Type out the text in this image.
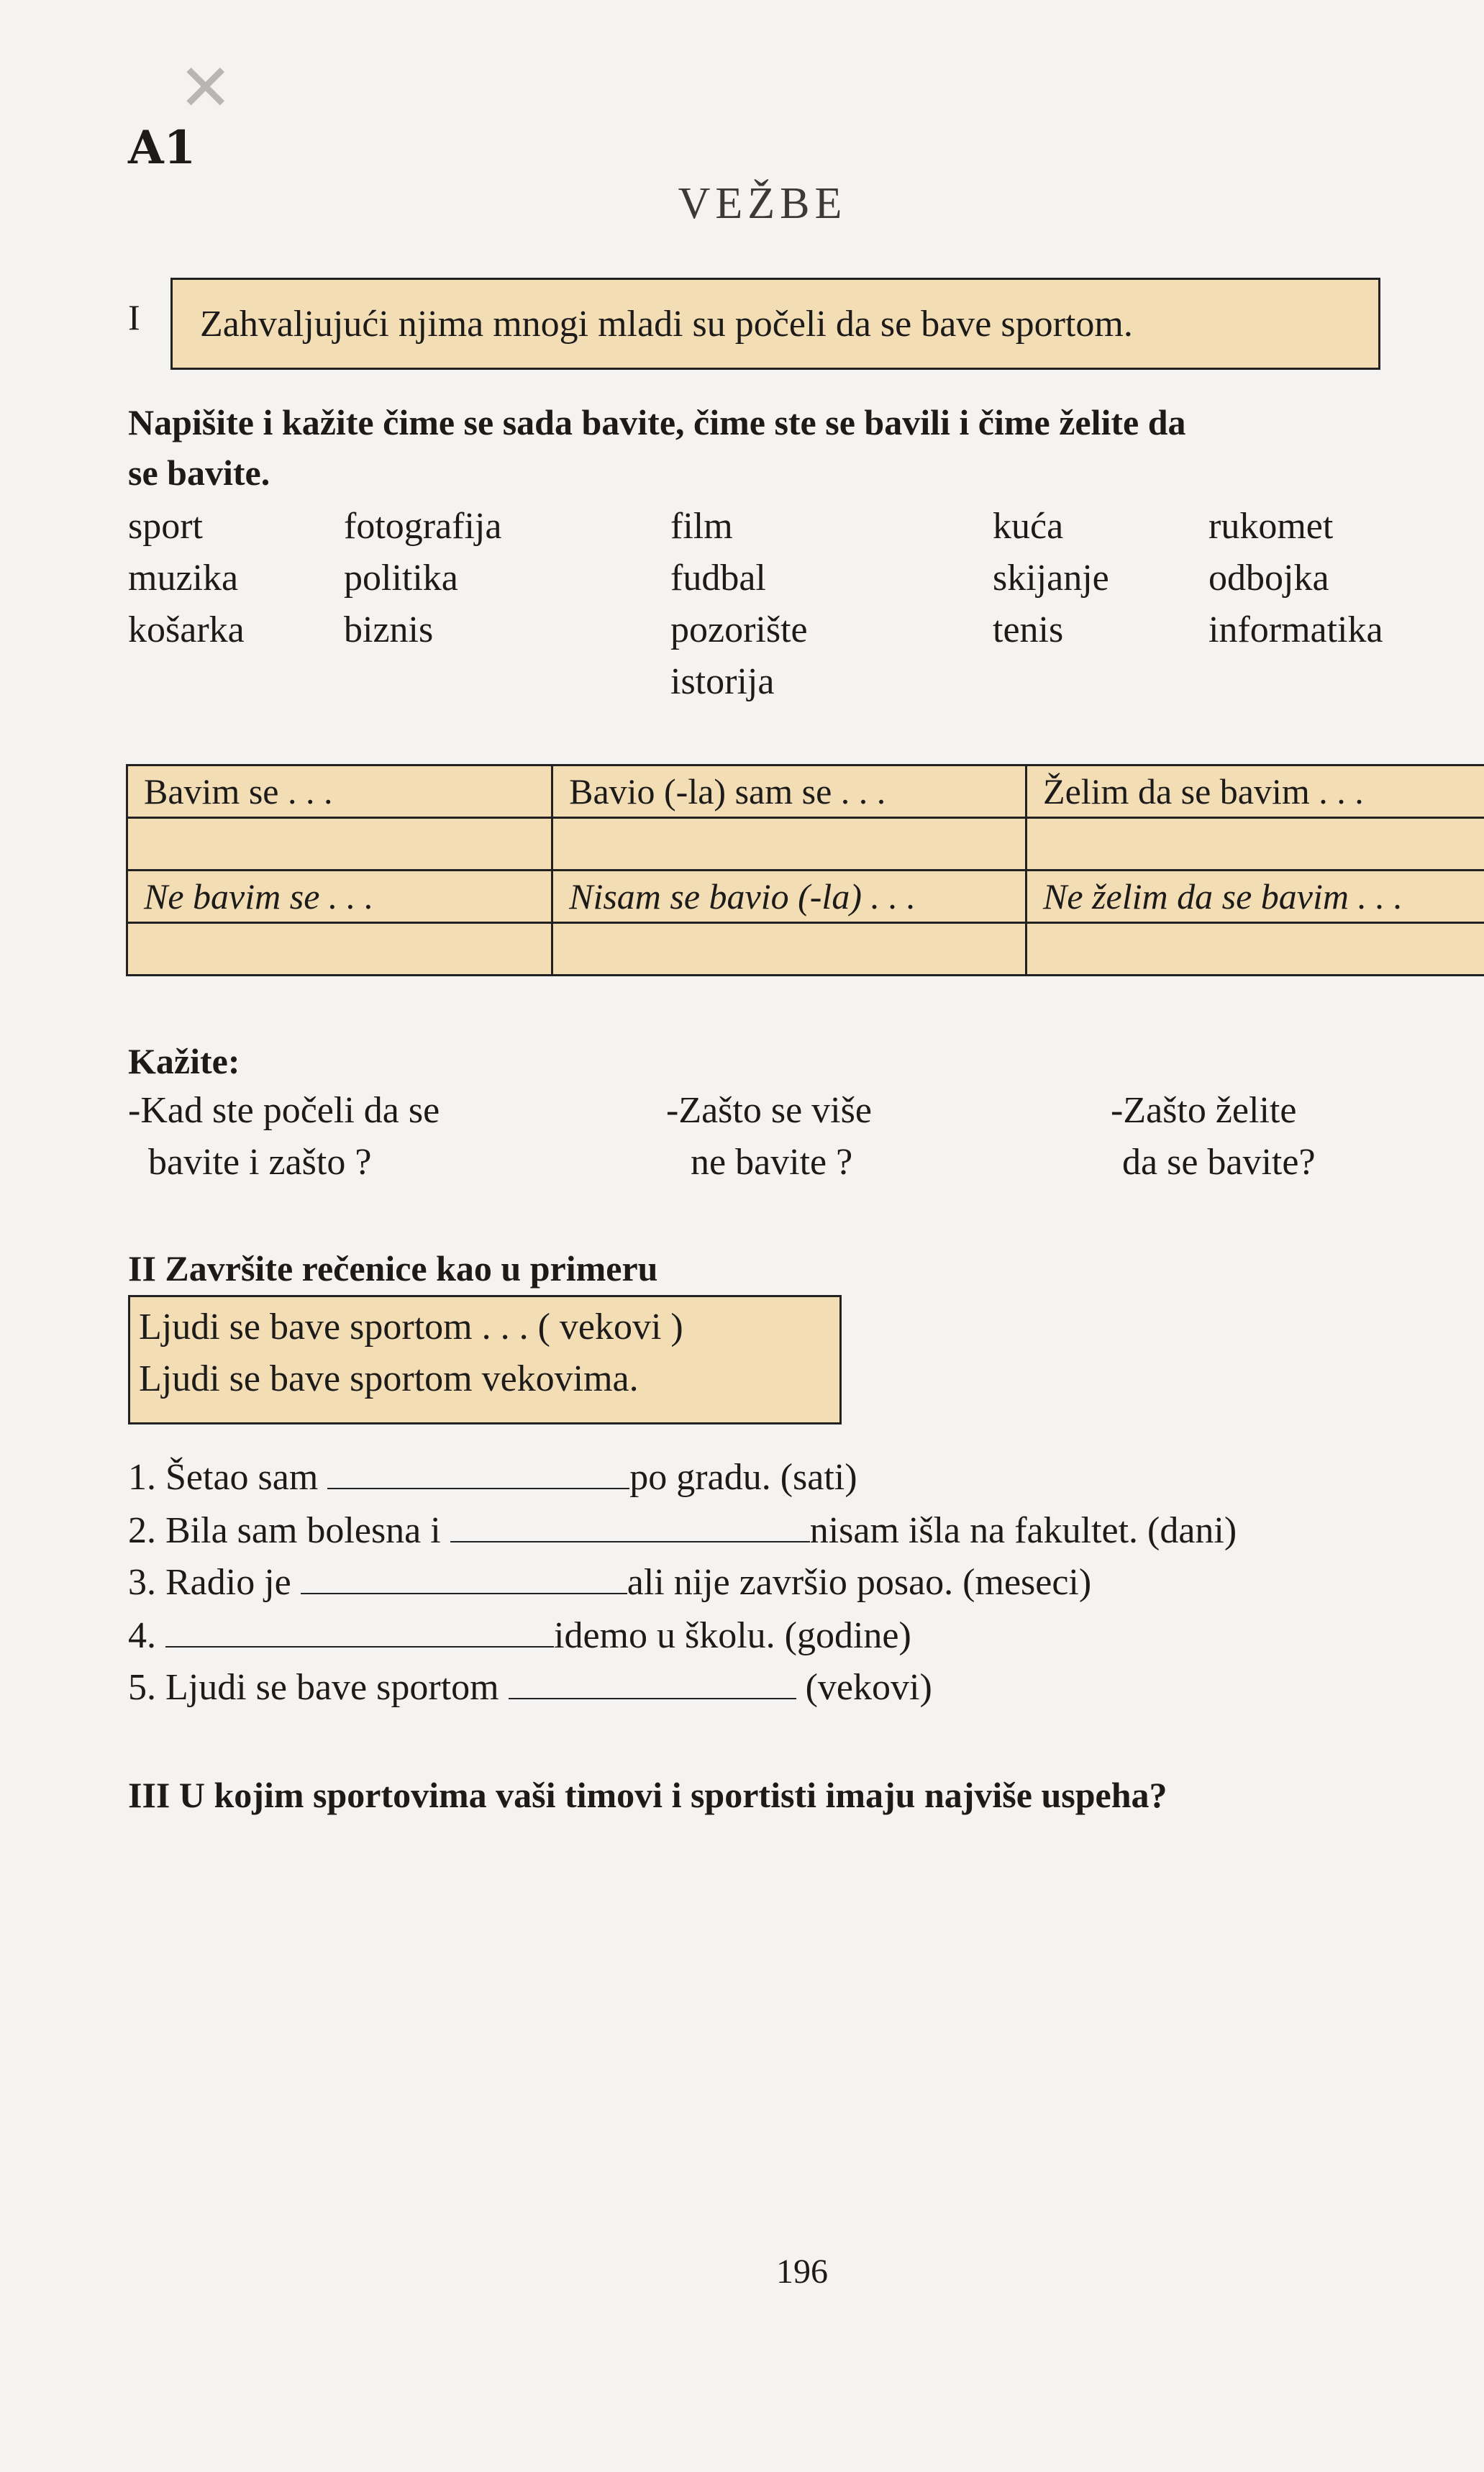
✕
A1
VEŽBE
I Zahvaljujući njima mnogi mladi su počeli da se bave sportom.
Napišite i kažite čime se sada bavite, čime ste se bavili i čime želite da
se bavite.
sport	fotografija	film	kuća	rukomet
muzika	politika	fudbal	skijanje	odbojka
košarka	biznis	pozorište	tenis	informatika
		istorija		
Bavim se . . .	Bavio (-la) sam se . . .	Želim da se bavim . . .

Ne bavim se . . .	Nisam se bavio (-la) . . .	Ne želim da se bavim . . .

Kažite:
-Kad ste počeli da se
bavite i zašto ?
-Zašto se više
ne bavite ?
-Zašto želite
da se bavite?
II Završite rečenice kao u primeru
Ljudi se bave sportom . . . ( vekovi )
Ljudi se bave sportom vekovima.
1. Šetao sam	po gradu. (sati)
2. Bila sam bolesna i	nisam išla na fakultet. (dani)
3. Radio je	ali nije završio posao. (meseci)
4.	idemo u školu. (godine)
5. Ljudi se bave sportom	(vekovi)
III U kojim sportovima vaši timovi i sportisti imaju najviše uspeha?
196
